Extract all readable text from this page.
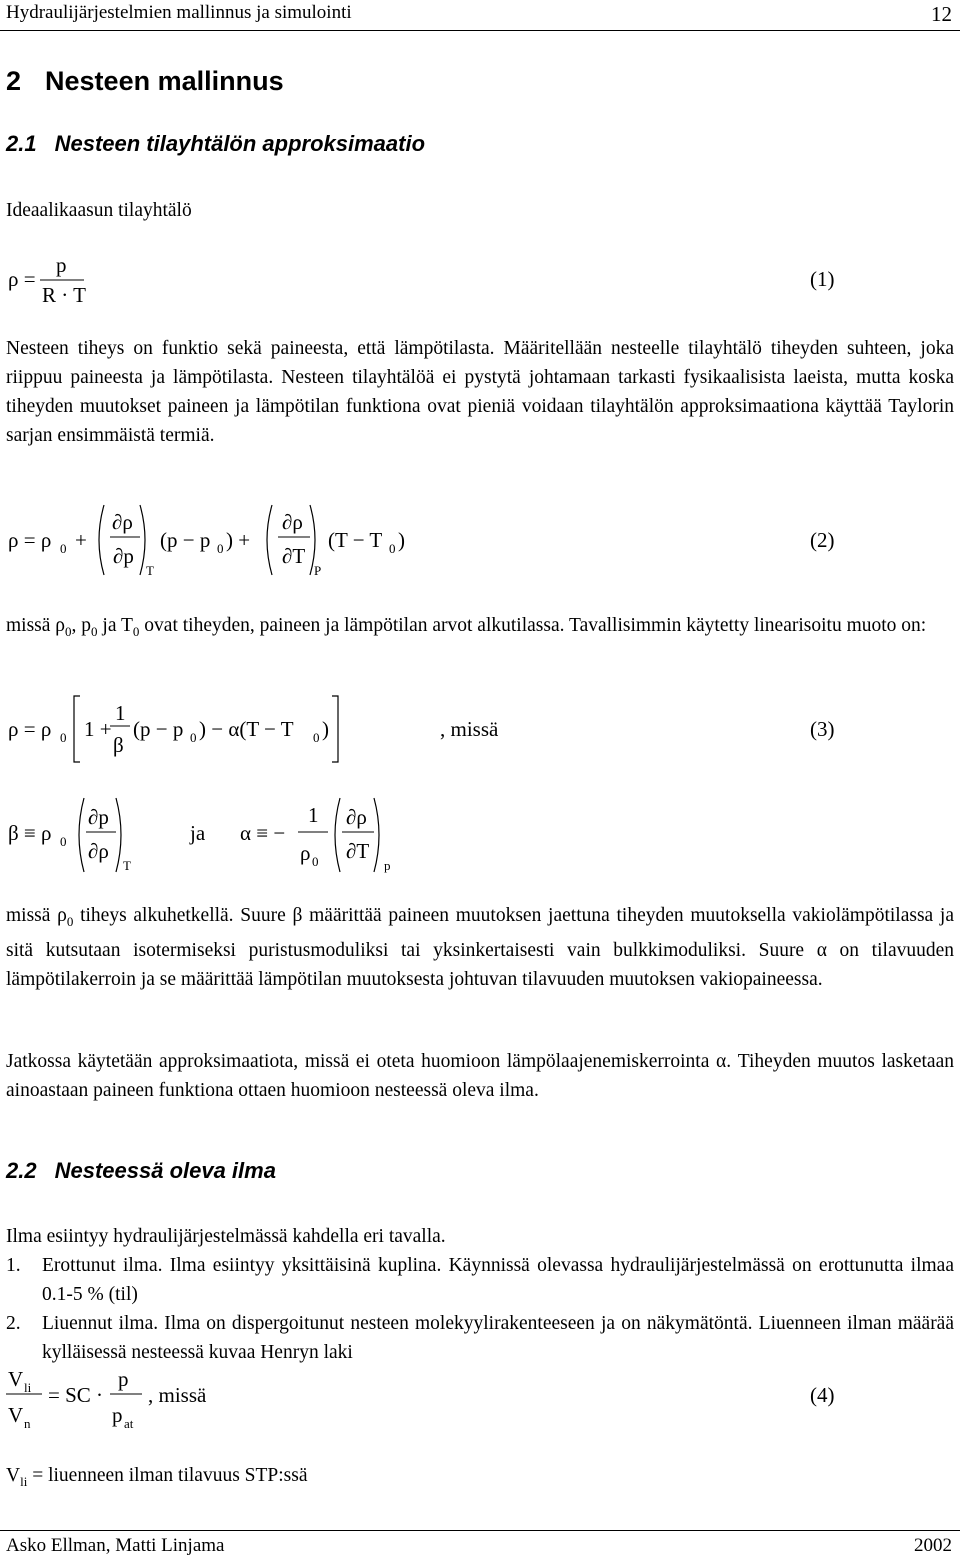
Hydraulijärjestelmien mallinnus ja simulointi	12
2 Nesteen mallinnus
2.1 Nesteen tilayhtälön approksimaatio
Ideaalikaasun tilayhtälö
ρ =
p
R · T
(1)
Nesteen tiheys on funktio sekä paineesta, että lämpötilasta. Määritellään nesteelle tilayhtälö tiheyden suhteen, joka riippuu paineesta ja lämpötilasta. Nesteen tilayhtälöä ei pystytä johtamaan tarkasti fysikaalisista laeista, mutta koska tiheyden muutokset paineen ja lämpötilan funktiona ovat pieniä voidaan tilayhtälön approksimaationa käyttää Taylorin sarjan ensimmäistä termiä.
ρ = ρ 0 +
∂ρ
∂p
T
(p − p 0 ) +
∂ρ
∂T
P
(T − T 0 )	(2)
missä $\rho_0$, $p_0$ ja $T_0$ ovat tiheyden, paineen ja lämpötilan arvot alkutilassa. Tavallisimmin käytetty linearisoitu muoto on:
ρ = ρ 0 1 +
1
β
(p − p 0 ) − α(T − T 0 )	, missä	(3)
β ≡ ρ 0
∂p
∂ρ
T
ja α ≡ −
1
ρ 0
∂ρ
∂T
p
missä $\rho_0$ tiheys alkuhetkellä. Suure β määrittää paineen muutoksen jaettuna tiheyden muutoksella vakiolämpötilassa ja sitä kutsutaan isotermiseksi puristusmoduliksi tai yksinkertaisesti vain bulkkimoduliksi. Suure α on tilavuuden lämpötilakerroin ja se määrittää lämpötilan muutoksesta johtuvan tilavuuden muutoksen vakiopaineessa.
Jatkossa käytetään approksimaatiota, missä ei oteta huomioon lämpölaajenemiskerrointa α. Tiheyden muutos lasketaan ainoastaan paineen funktiona ottaen huomioon nesteessä oleva ilma.
2.2 Nesteessä oleva ilma
Ilma esiintyy hydraulijärjestelmässä kahdella eri tavalla.
1. Erottunut ilma. Ilma esiintyy yksittäisinä kuplina. Käynnissä olevassa hydraulijärjestelmässä on erottunutta ilmaa 0.1-5 % (til)
2. Liuennut ilma. Ilma on dispergoitunut nesteen molekyylirakenteeseen ja on näkymätöntä. Liuenneen ilman määrää kylläisessä nesteessä kuvaa Henryn laki
V li
V n
= SC ·
p
p at
, missä	(4)
$V_{li}$ = liuenneen ilman tilavuus STP:ssä
Asko Ellman, Matti Linjama	2002
